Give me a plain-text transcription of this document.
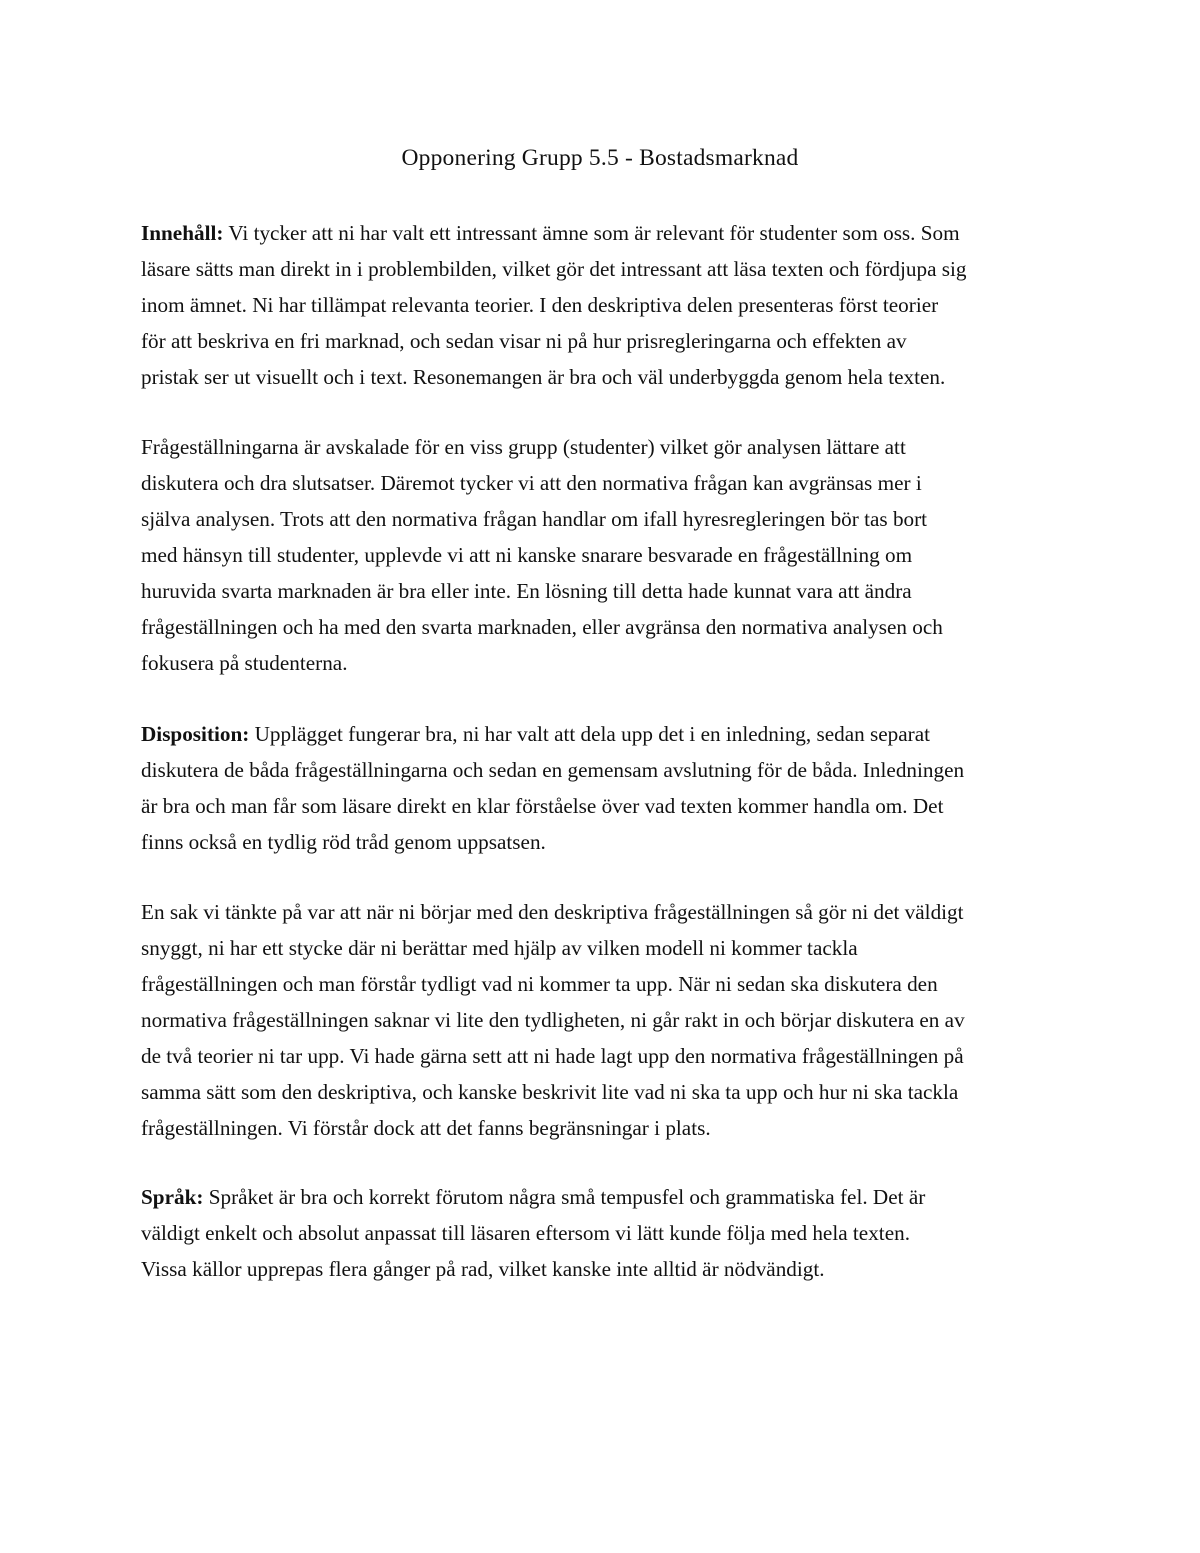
Opponering Grupp 5.5 - Bostadsmarknad

Innehåll: Vi tycker att ni har valt ett intressant ämne som är relevant för studenter som oss. Som
läsare sätts man direkt in i problembilden, vilket gör det intressant att läsa texten och fördjupa sig
inom ämnet. Ni har tillämpat relevanta teorier. I den deskriptiva delen presenteras först teorier
för att beskriva en fri marknad, och sedan visar ni på hur prisregleringarna och effekten av
pristak ser ut visuellt och i text. Resonemangen är bra och väl underbyggda genom hela texten.

Frågeställningarna är avskalade för en viss grupp (studenter) vilket gör analysen lättare att
diskutera och dra slutsatser. Däremot tycker vi att den normativa frågan kan avgränsas mer i
själva analysen. Trots att den normativa frågan handlar om ifall hyresregleringen bör tas bort
med hänsyn till studenter, upplevde vi att ni kanske snarare besvarade en frågeställning om
huruvida svarta marknaden är bra eller inte. En lösning till detta hade kunnat vara att ändra
frågeställningen och ha med den svarta marknaden, eller avgränsa den normativa analysen och
fokusera på studenterna.

Disposition: Upplägget fungerar bra, ni har valt att dela upp det i en inledning, sedan separat
diskutera de båda frågeställningarna och sedan en gemensam avslutning för de båda. Inledningen
är bra och man får som läsare direkt en klar förståelse över vad texten kommer handla om. Det
finns också en tydlig röd tråd genom uppsatsen.

En sak vi tänkte på var att när ni börjar med den deskriptiva frågeställningen så gör ni det väldigt
snyggt, ni har ett stycke där ni berättar med hjälp av vilken modell ni kommer tackla
frågeställningen och man förstår tydligt vad ni kommer ta upp. När ni sedan ska diskutera den
normativa frågeställningen saknar vi lite den tydligheten, ni går rakt in och börjar diskutera en av
de två teorier ni tar upp. Vi hade gärna sett att ni hade lagt upp den normativa frågeställningen på
samma sätt som den deskriptiva, och kanske beskrivit lite vad ni ska ta upp och hur ni ska tackla
frågeställningen. Vi förstår dock att det fanns begränsningar i plats.

Språk: Språket är bra och korrekt förutom några små tempusfel och grammatiska fel. Det är
väldigt enkelt och absolut anpassat till läsaren eftersom vi lätt kunde följa med hela texten.
Vissa källor upprepas flera gånger på rad, vilket kanske inte alltid är nödvändigt.
